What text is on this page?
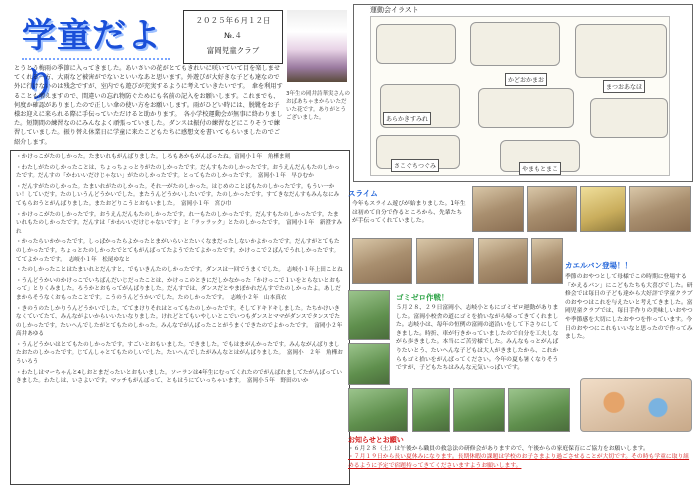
学童だより
２０２５年６月１２日
№.４
富岡児童クラブ
3年生の岡井詩華実さんのおばあちゃまからいただいた花です。ありがとうございました。
とうとう梅雨の季節に入ってきました。あいさいの花がとてもきれいに咲いていて目を楽しませてくれる一方、大雨など被害がでないといいなあと思います。外遊びが大好きな子ども達なので外に行けないのは残念ですが、室内でも遊びが充実するように考えていきたいです。　傘を利用することも増えますので、間違いの忘れ物防ぐためにも名前の記入をお願いします。これまでも、何度か確認がありましたので正しい傘の使い方をお願いします。雨がひどい時には、脱靴をお子様お迎えに来られる際に手伝っていただけると助かります。　各小学校運動会が無事に終わりました。短期間の練習なのにみんなよく頑張っていました。ダンスは振付の練習などにこりそうで練習していました。振り替え休業日に学童に来たこどもたちに感想文を書いてもらいましたのでご紹介します。
運動会イラスト
かどおかまお
あらかきすみれ
まつおあなほ
さこぐちつぐみ	やまもとまこ

・かけっこがたのしかった。たまいれもがんばりました。しろもあかもがんばったね。富岡小１年　角樺ま剣

・わたしがたのしかったことは、ちょっちょっとりがたのしかったです。だんすもたのしかったです。おうえんだんもたのしかったです。だんすの「かわいいだけじゃない」がたのしかったです。とってもたのしかったです。　富岡小１年　早ひむか

・だんすがたのしかった。たまいれがたのしかった。それ一がたのしかった。はじめのことばもたのしかったです。もうい一かい！していだす。たのしいうんどうかいでした。またうんどうかいしたいです。たのしかったです。すてきなだんすもみんなにみてもらおうとがんばりました。またおどりこうとおもいました。　富岡小１年　宮ひ巾

・かけっこがたのしかったです。おうえんだんもたのしかったです。れ一もたのしかったです。だんすもたのしかったです。たまいれもたのしかったです。だんすは「かわいいだけじゃないです」と「ラッラック」とたのしかったです。　富岡小１年　新澄すみれ

・かったらいかかったです。しっぱかったらよかったとまがいらいとたいくなまだったしないかよかったです。だんすがとてもたのしかったです。ちょっとたのしかったでとてもがんばってたようでたてよかったです。かけっこで２ばんでうれしかったです。ててよかったです。　志岐小１年　松尾ゆなと

・たのしかったことはたまいれとだんすと、でもいきんたのしかったです。ダンスは一回でうまくでした。　志岐小１年上田ことね

・うんどうかいのかけっこでいちばんだいじだったことは、かけっこのときにだしかなかった「かけっこで１いをとらないとおもって」とりくみました。ろうかとおもってがんばりました。だんすでは、ダンスだとやまぽかれだんすでたのしかったよ。あしだまからそうなくおもったことです。こうのうんどうかいでした。たのしかったです。　志岐小２年　山本真衣

・きのうのたしかりうんどうかいでした。ててまけりそれはとってもたのしかったです。そしてドキドキしました。たちかけいきなくていてたて、みんながよいからいいたいなりました。けれどとてもいやしいとこでいつもダンスとママがダンスでタンスでたのしかったです。たいへんでしたがとてもたのしかった。みんなでがんばったことがうまくできたのでよかったです。　富岡小２年　高井あゆる

・うんどうかいはとてもたのしかったです。すごいとおもいました。できました。でもはまがんかったです。みんながんばりましたおたのしかったです。じてんしゃとてもたのしいでした。たいへんでしたがみんなとはがんばりました。　富岡小　２年　角樺おういろう

・わたしはマーちゃんと4しおとまだったいとおもいました。ソーランは4年生にむってくれたのでがんばれましてたがんばっていきました。わたしは、いさよいです。マッチもがんばって、ともはうにていっちゃいます。　富岡小５年　野田のいか

スライム
今年もスライム遊びが始まりました。1年生は初めて自分で作るところから、先輩たちが手伝ってくれていました。
ゴミゼロ作戦！
５月２８、２９日富岡小、志岐小ともにゴミゼロ運動がありました。富岡小校舎の道にゴミを拾いながら帰ってきてくれました。志岐小は、毎年の恒例の富岡の道沿いをして下さりにしてきました。時折、車が行きかっていましたので自分を工夫しながら歩きました。本当にご苦労様でした。みんなもっとがんばりたいとう、たいへんな子どもは大人がきましたから、これからもゴミ拾いをがんばってください。今年の夏も暑くなりそうですが、子どもたちはみんな元気いっぱいです。
カエルバン登場！！
季節のおやつとして母様でこの時期に登場する「かえるパン」にこどもたちも大喜びでした。研修会では毎日の子ども達から大好評で学童クラブのおやつはこれを与えたいと考えてきました。富岡児童クラブでは、毎日手作りの美味しいおやつや季節感を大切にしたおやつを作っています。今日のおやつにこれもいいなと思ったので作ってみました。
お知らせとお願い
・６月２８（土）は午後から職員の救急法の研修会がありますので、午後からの家庭保育にご協力をお願いします。
・７月１９日から長い夏休みになります。長期休暇の課題は学校のお子さまより過ごさせることが大切です。その時も学童に取り組めるように予定で宿題持ってきてくださいますようお願いします。
